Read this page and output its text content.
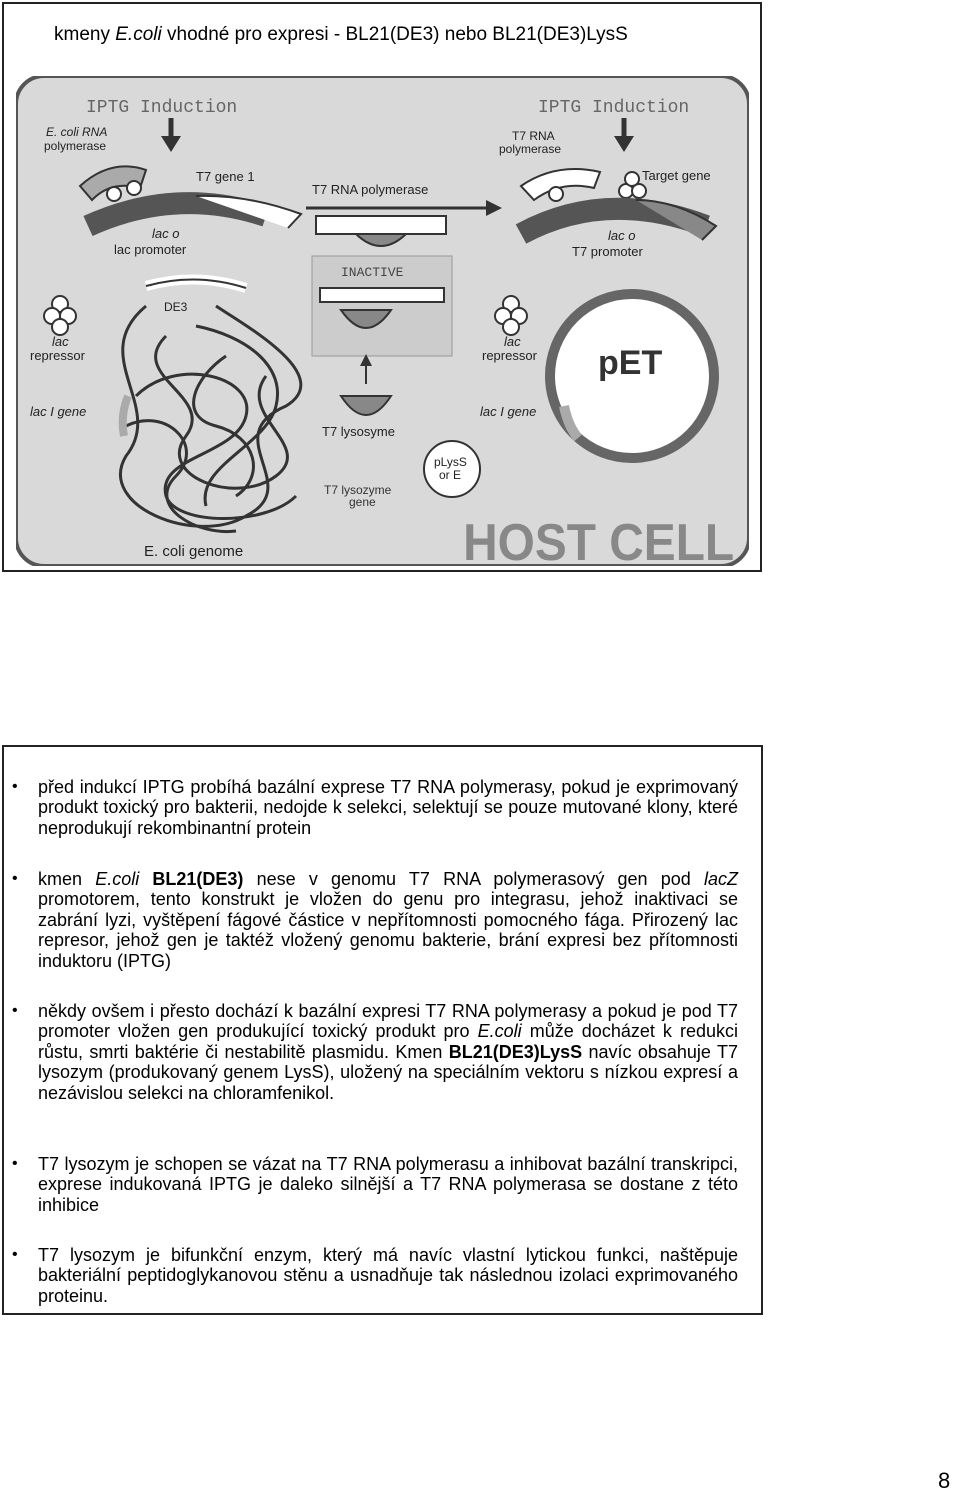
kmeny E.coli vhodné pro expresi - BL21(DE3) nebo BL21(DE3)LysS
IPTG Induction	IPTG Induction
E. coli RNA
polymerase
T7 gene 1
lac o
lac promoter
T7 RNA polymerase
INACTIVE
T7 lysosyme
T7 lysozyme
gene
pLysS
or E
lac
repressor
lac I gene
DE3
E. coli genome
T7 RNA
polymerase
Target gene
lac o
T7 promoter
lac
repressor
lac I gene
pET
HOST CELL
• před indukcí IPTG probíhá bazální exprese T7 RNA polymerasy, pokud je exprimovaný produkt toxický pro bakterii, nedojde k selekci, selektují se pouze mutované klony, které neprodukují rekombinantní protein
• kmen E.coli BL21(DE3) nese v genomu T7 RNA polymerasový gen pod lacZ promotorem, tento konstrukt je vložen do genu pro integrasu, jehož inaktivaci se zabrání lyzi, vyštěpení fágové částice v nepřítomnosti pomocného fága. Přirozený lac represor, jehož gen je taktéž vložený genomu bakterie, brání expresi bez přítomnosti induktoru (IPTG)
• někdy ovšem i přesto dochází k bazální expresi T7 RNA polymerasy a pokud je pod T7 promoter vložen gen produkující toxický produkt pro E.coli může docházet k redukci růstu, smrti baktérie či nestabilitě plasmidu. Kmen BL21(DE3)LysS navíc obsahuje T7 lysozym (produkovaný genem LysS), uložený na speciálním vektoru s nízkou expresí a nezávislou selekci na chloramfenikol.
• T7 lysozym je schopen se vázat na T7 RNA polymerasu a inhibovat bazální transkripci, exprese indukovaná IPTG je daleko silnější a T7 RNA polymerasa se dostane z této inhibice
• T7 lysozym je bifunkční enzym, který má navíc vlastní lytickou funkci, naštěpuje bakteriální peptidoglykanovou stěnu a usnadňuje tak následnou izolaci exprimovaného proteinu.
8
